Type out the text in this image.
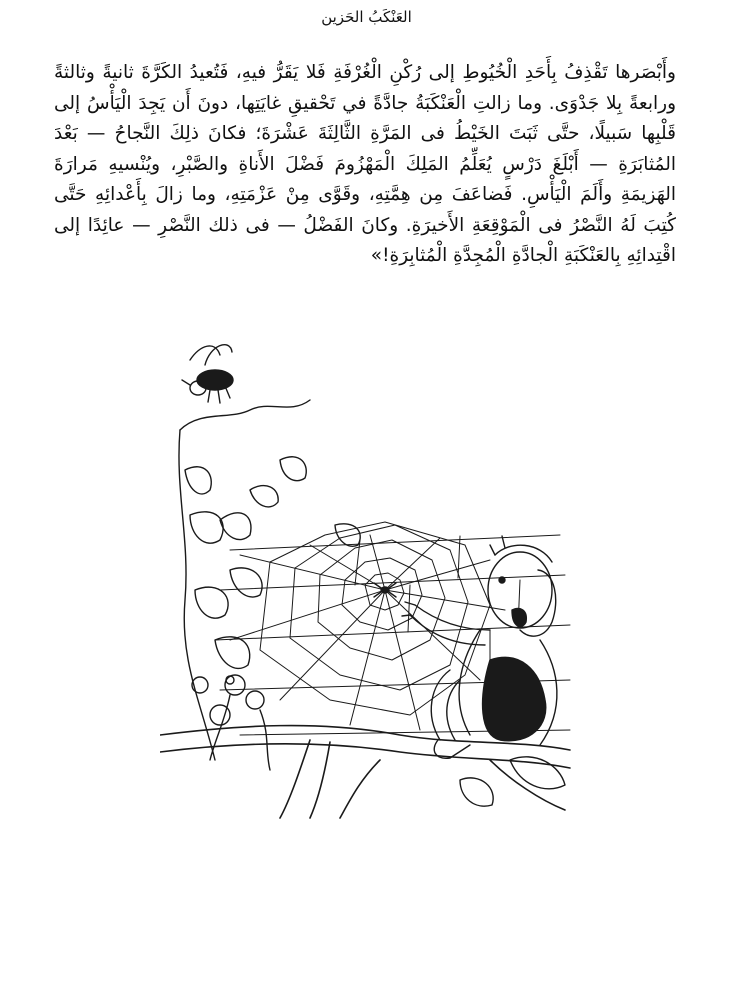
العَنْكَبُ الحَزين
وأَبْصَرها تَقْذِفُ بِأَحَدِ الْخُيُوطِ إلى رُكْنِ الْغُرْفَةِ فَلا يَقَرُّ فيهِ، فَتُعيدُ الكَرَّةَ ثانيةً وثالثةً ورابعةً بِلا جَدْوَى. وما زالتِ الْعَنْكَبَةُ جادَّةً في تَحْقيقِ غايَتِها، دونَ أَن يَجِدَ الْيَأْسُ إلى قَلْبِها سَبيلًا، حتَّى ثَبَتَ الخَيْطُ فى المَرَّةِ الثَّالِثَةَ عَشْرَةَ؛ فكانَ ذلِكَ النَّجاحُ — بَعْدَ المُثابَرَةِ — أَبْلَغَ دَرْسٍ يُعَلِّمُ المَلِكَ الْمَهْزُومَ فَضْلَ الأَناةِ والصَّبْرِ، ويُنْسيهِ مَرارَةَ الهَزيمَةِ وأَلَمَ الْيَأْسِ. فَضاعَفَ مِن هِمَّتِهِ، وقَوَّى مِنْ عَزْمَتِهِ، وما زالَ بِأَعْدائِهِ حَتَّى كُتِبَ لَهُ النَّصْرُ فى الْمَوْقِعَةِ الأَخيرَةِ. وكانَ الفَضْلُ — فى ذلك النَّصْرِ — عائِدًا إلى اقْتِدائِهِ بِالعَنْكَبَةِ الْجادَّةِ الْمُجِدَّةِ الْمُثابِرَةِ!»
